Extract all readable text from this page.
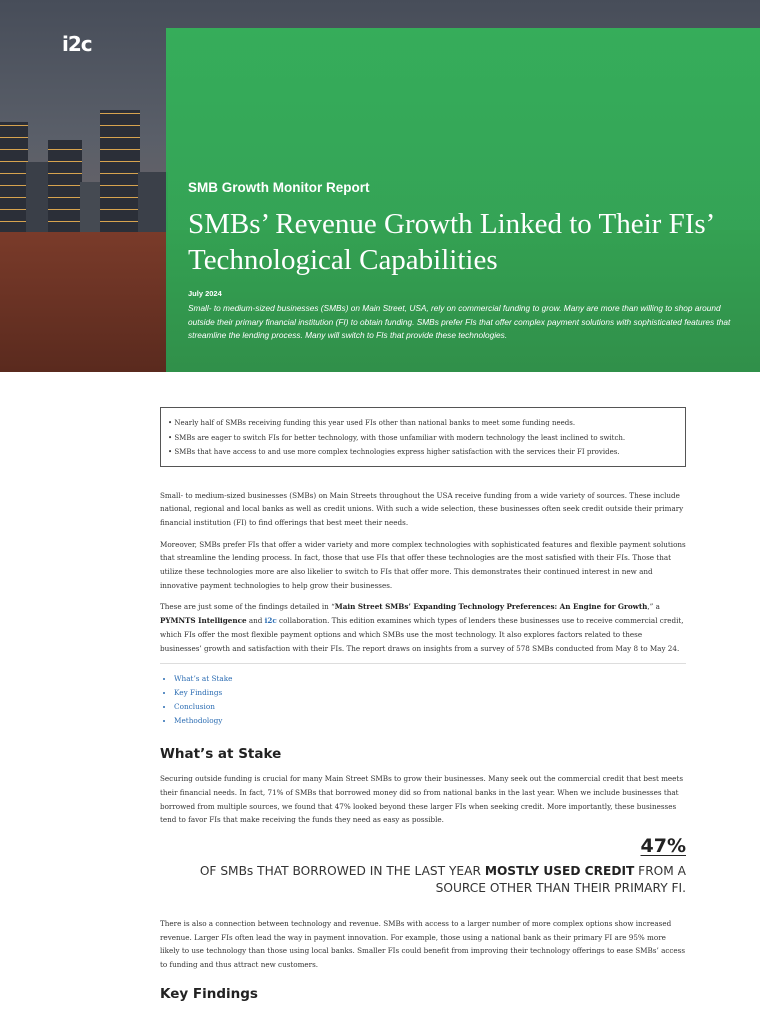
i2c
SMB Growth Monitor Report
SMBs’ Revenue Growth Linked to Their FIs’ Technological Capabilities
July 2024
Small- to medium-sized businesses (SMBs) on Main Street, USA, rely on commercial funding to grow. Many are more than willing to shop around outside their primary financial institution (FI) to obtain funding. SMBs prefer FIs that offer complex payment solutions with sophisticated features that streamline the lending process. Many will switch to FIs that provide these technologies.
• Nearly half of SMBs receiving funding this year used FIs other than national banks to meet some funding needs.
• SMBs are eager to switch FIs for better technology, with those unfamiliar with modern technology the least inclined to switch.
• SMBs that have access to and use more complex technologies express higher satisfaction with the services their FI provides.

Small- to medium-sized businesses (SMBs) on Main Streets throughout the USA receive funding from a wide variety of sources. These include national, regional and local banks as well as credit unions. With such a wide selection, these businesses often seek credit outside their primary financial institution (FI) to find offerings that best meet their needs.

Moreover, SMBs prefer FIs that offer a wider variety and more complex technologies with sophisticated features and flexible payment solutions that streamline the lending process. In fact, those that use FIs that offer these technologies are the most satisfied with their FIs. Those that utilize these technologies more are also likelier to switch to FIs that offer more. This demonstrates their continued interest in new and innovative payment technologies to help grow their businesses.

These are just some of the findings detailed in “Main Street SMBs’ Expanding Technology Preferences: An Engine for Growth,” a PYMNTS Intelligence and i2c collaboration. This edition examines which types of lenders these businesses use to receive commercial credit, which FIs offer the most flexible payment options and which SMBs use the most technology. It also explores factors related to these businesses’ growth and satisfaction with their FIs. The report draws on insights from a survey of 578 SMBs conducted from May 8 to May 24.

• What’s at Stake
• Key Findings
• Conclusion
• Methodology
What’s at Stake

Securing outside funding is crucial for many Main Street SMBs to grow their businesses. Many seek out the commercial credit that best meets their financial needs. In fact, 71% of SMBs that borrowed money did so from national banks in the last year. When we include businesses that borrowed from multiple sources, we found that 47% looked beyond these larger FIs when seeking credit. More importantly, these businesses tend to favor FIs that make receiving the funds they need as easy as possible.

47%
OF SMBs THAT BORROWED IN THE LAST YEAR MOSTLY USED CREDIT FROM A SOURCE OTHER THAN THEIR PRIMARY FI.

There is also a connection between technology and revenue. SMBs with access to a larger number of more complex options show increased revenue. Larger FIs often lead the way in payment innovation. For example, those using a national bank as their primary FI are 95% more likely to use technology than those using local banks. Smaller FIs could benefit from improving their technology offerings to ease SMBs’ access to funding and thus attract new customers.

Key Findings
